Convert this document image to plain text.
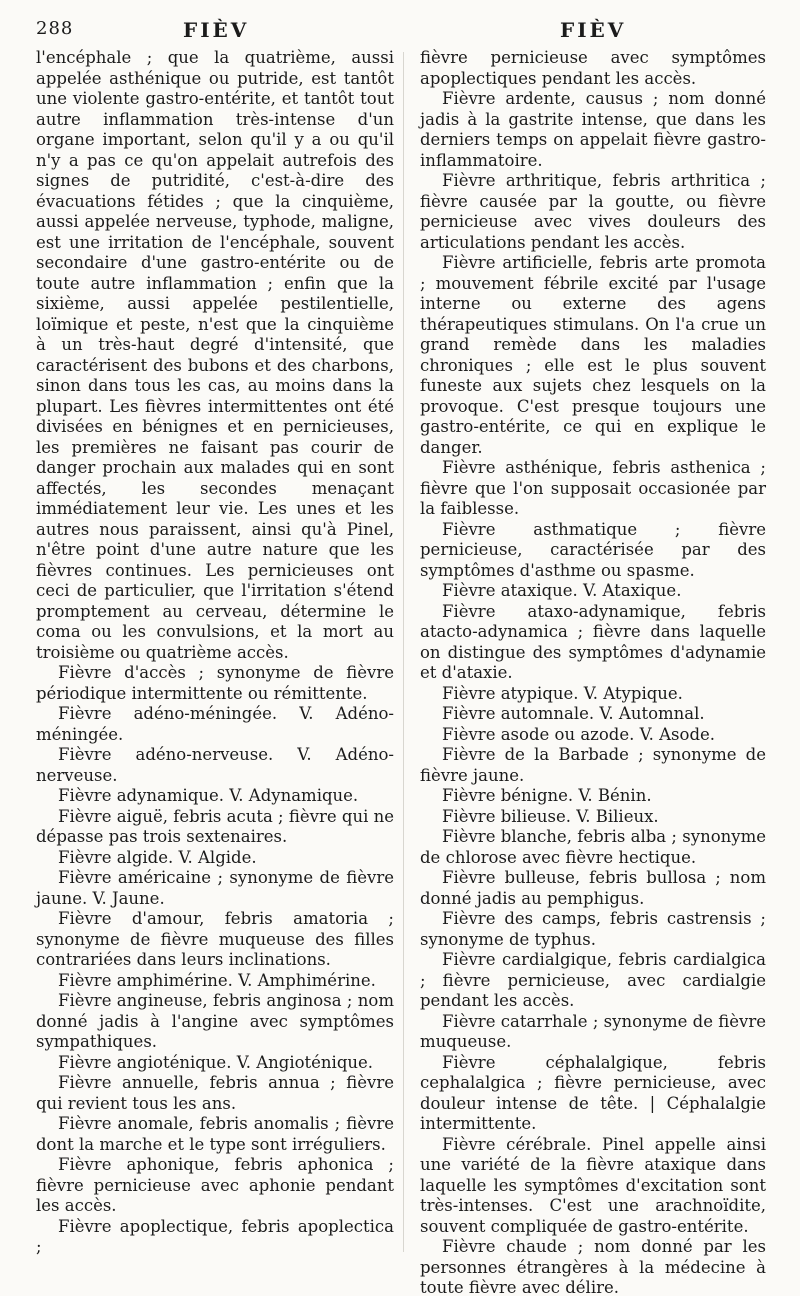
288	FIÈV	FIÈV

l'encéphale ; que la quatrième, aussi appelée asthénique ou putride, est tantôt une violente gastro-entérite, et tantôt tout autre inflammation très-intense d'un organe important, selon qu'il y a ou qu'il n'y a pas ce qu'on appelait autrefois des signes de putridité, c'est-à-dire des évacuations fétides ; que la cinquième, aussi appelée nerveuse, typhode, maligne, est une irritation de l'encéphale, souvent secondaire d'une gastro-entérite ou de toute autre inflammation ; enfin que la sixième, aussi appelée pestilentielle, loïmique et peste, n'est que la cinquième à un très-haut degré d'intensité, que caractérisent des bubons et des charbons, sinon dans tous les cas, au moins dans la plupart. Les fièvres intermittentes ont été divisées en bénignes et en pernicieuses, les premières ne faisant pas courir de danger prochain aux malades qui en sont affectés, les secondes menaçant immédiatement leur vie. Les unes et les autres nous paraissent, ainsi qu'à Pinel, n'être point d'une autre nature que les fièvres continues. Les pernicieuses ont ceci de particulier, que l'irritation s'étend promptement au cerveau, détermine le coma ou les convulsions, et la mort au troisième ou quatrième accès.

Fièvre d'accès ; synonyme de fièvre périodique intermittente ou rémittente.

Fièvre adéno-méningée. V. Adéno-méningée.

Fièvre adéno-nerveuse. V. Adéno-nerveuse.

Fièvre adynamique. V. Adynamique.

Fièvre aiguë, febris acuta ; fièvre qui ne dépasse pas trois sextenaires.

Fièvre algide. V. Algide.

Fièvre américaine ; synonyme de fièvre jaune. V. Jaune.

Fièvre d'amour, febris amatoria ; synonyme de fièvre muqueuse des filles contrariées dans leurs inclinations.

Fièvre amphimérine. V. Amphimérine.

Fièvre angineuse, febris anginosa ; nom donné jadis à l'angine avec symptômes sympathiques.

Fièvre angioténique. V. Angioténique.

Fièvre annuelle, febris annua ; fièvre qui revient tous les ans.

Fièvre anomale, febris anomalis ; fièvre dont la marche et le type sont irréguliers.

Fièvre aphonique, febris aphonica ; fièvre pernicieuse avec aphonie pendant les accès.

Fièvre apoplectique, febris apoplectica ;

fièvre pernicieuse avec symptômes apoplectiques pendant les accès.

Fièvre ardente, causus ; nom donné jadis à la gastrite intense, que dans les derniers temps on appelait fièvre gastro-inflammatoire.

Fièvre arthritique, febris arthritica ; fièvre causée par la goutte, ou fièvre pernicieuse avec vives douleurs des articulations pendant les accès.

Fièvre artificielle, febris arte promota ; mouvement fébrile excité par l'usage interne ou externe des agens thérapeutiques stimulans. On l'a crue un grand remède dans les maladies chroniques ; elle est le plus souvent funeste aux sujets chez lesquels on la provoque. C'est presque toujours une gastro-entérite, ce qui en explique le danger.

Fièvre asthénique, febris asthenica ; fièvre que l'on supposait occasionée par la faiblesse.

Fièvre asthmatique ; fièvre pernicieuse, caractérisée par des symptômes d'asthme ou spasme.

Fièvre ataxique. V. Ataxique.

Fièvre ataxo-adynamique, febris atacto-adynamica ; fièvre dans laquelle on distingue des symptômes d'adynamie et d'ataxie.

Fièvre atypique. V. Atypique.

Fièvre automnale. V. Automnal.

Fièvre asode ou azode. V. Asode.

Fièvre de la Barbade ; synonyme de fièvre jaune.

Fièvre bénigne. V. Bénin.

Fièvre bilieuse. V. Bilieux.

Fièvre blanche, febris alba ; synonyme de chlorose avec fièvre hectique.

Fièvre bulleuse, febris bullosa ; nom donné jadis au pemphigus.

Fièvre des camps, febris castrensis ; synonyme de typhus.

Fièvre cardialgique, febris cardialgica ; fièvre pernicieuse, avec cardialgie pendant les accès.

Fièvre catarrhale ; synonyme de fièvre muqueuse.

Fièvre céphalalgique, febris cephalalgica ; fièvre pernicieuse, avec douleur intense de tête. | Céphalalgie intermittente.

Fièvre cérébrale. Pinel appelle ainsi une variété de la fièvre ataxique dans laquelle les symptômes d'excitation sont très-intenses. C'est une arachnoïdite, souvent compliquée de gastro-entérite.

Fièvre chaude ; nom donné par les personnes étrangères à la médecine à toute fièvre avec délire.
